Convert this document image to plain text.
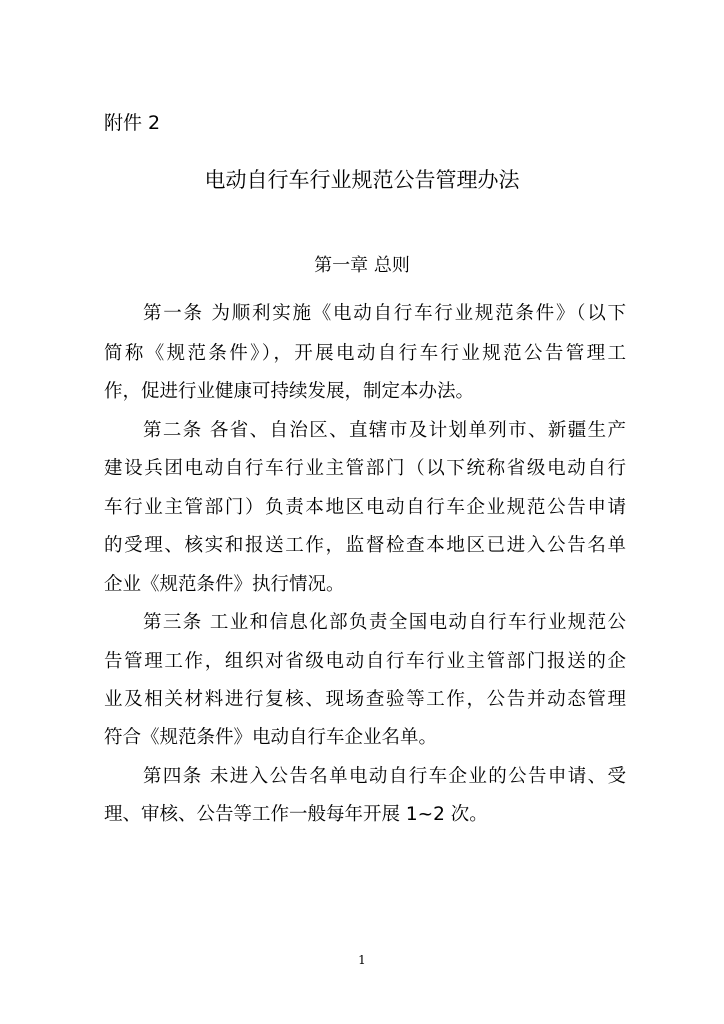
附件 2
电动自行车行业规范公告管理办法
第一章 总则
第一条 为顺利实施《电动自行车行业规范条件》（以下
简称《规范条件》），开展电动自行车行业规范公告管理工
作，促进行业健康可持续发展，制定本办法。
第二条 各省、自治区、直辖市及计划单列市、新疆生产
建设兵团电动自行车行业主管部门（以下统称省级电动自行
车行业主管部门）负责本地区电动自行车企业规范公告申请
的受理、核实和报送工作，监督检查本地区已进入公告名单
企业《规范条件》执行情况。
第三条 工业和信息化部负责全国电动自行车行业规范公
告管理工作，组织对省级电动自行车行业主管部门报送的企
业及相关材料进行复核、现场查验等工作，公告并动态管理
符合《规范条件》电动自行车企业名单。
第四条 未进入公告名单电动自行车企业的公告申请、受
理、审核、公告等工作一般每年开展 1~2 次。
1
